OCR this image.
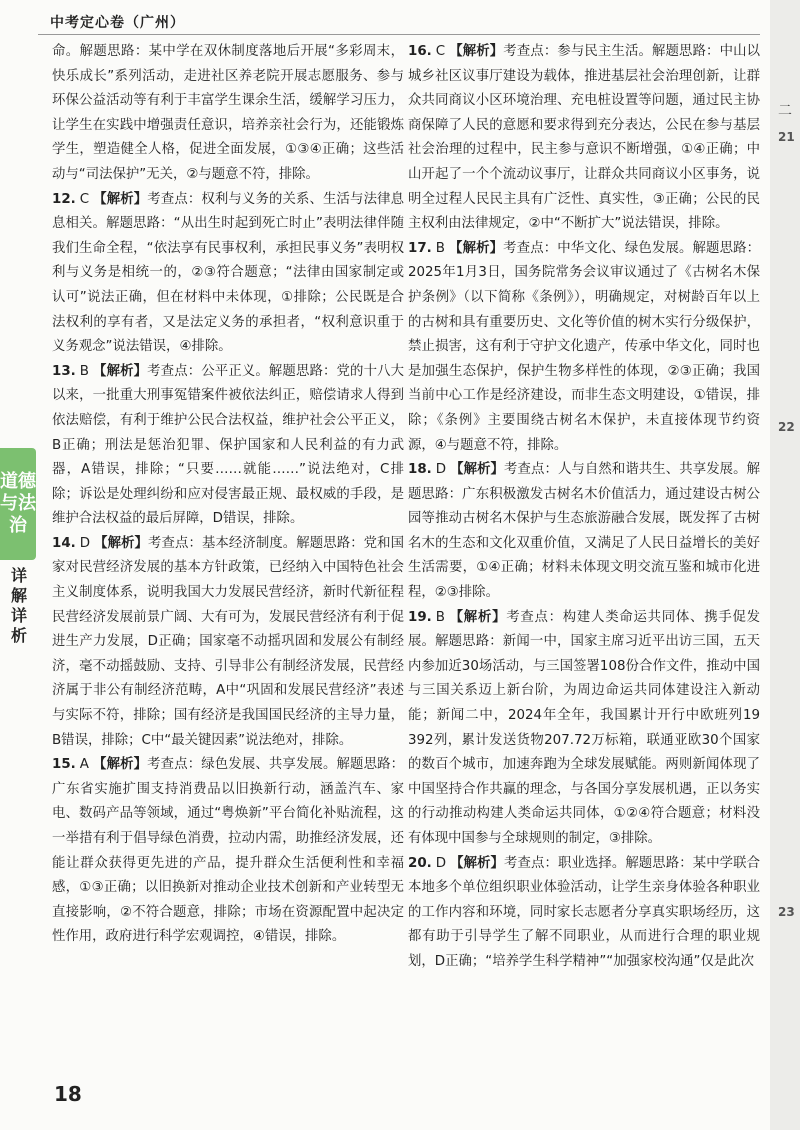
中考定心卷（广州）
道德
与法
治
详
解
详
析

命。解题思路：某中学在双休制度落地后开展“多彩周末，快乐成长”系列活动，走进社区养老院开展志愿服务、参与环保公益活动等有利于丰富学生课余生活，缓解学习压力，让学生在实践中增强责任意识，培养亲社会行为，还能锻炼学生，塑造健全人格，促进全面发展，①③④正确；这些活动与“司法保护”无关，②与题意不符，排除。

12. C 【解析】考查点：权利与义务的关系、生活与法律息息相关。解题思路：“从出生时起到死亡时止”表明法律伴随我们生命全程，“依法享有民事权利，承担民事义务”表明权利与义务是相统一的，②③符合题意；“法律由国家制定或认可”说法正确，但在材料中未体现，①排除；公民既是合法权利的享有者，又是法定义务的承担者，“权利意识重于义务观念”说法错误，④排除。
13. B 【解析】考查点：公平正义。解题思路：党的十八大以来，一批重大刑事冤错案件被依法纠正，赔偿请求人得到依法赔偿，有利于维护公民合法权益，维护社会公平正义，B正确；刑法是惩治犯罪、保护国家和人民利益的有力武器，A错误，排除；“只要……就能……”说法绝对，C排除；诉讼是处理纠纷和应对侵害最正规、最权威的手段，是维护合法权益的最后屏障，D错误，排除。
14. D 【解析】考查点：基本经济制度。解题思路：党和国家对民营经济发展的基本方针政策，已经纳入中国特色社会主义制度体系，说明我国大力发展民营经济，新时代新征程民营经济发展前景广阔、大有可为，发展民营经济有利于促进生产力发展，D正确；国家毫不动摇巩固和发展公有制经济，毫不动摇鼓励、支持、引导非公有制经济发展，民营经济属于非公有制经济范畴，A中“巩固和发展民营经济”表述与实际不符，排除；国有经济是我国国民经济的主导力量，B错误，排除；C中“最关键因素”说法绝对，排除。
15. A 【解析】考查点：绿色发展、共享发展。解题思路：广东省实施扩围支持消费品以旧换新行动，涵盖汽车、家电、数码产品等领域，通过“粤焕新”平台简化补贴流程，这一举措有利于倡导绿色消费，拉动内需，助推经济发展，还能让群众获得更先进的产品，提升群众生活便利性和幸福感，①③正确；以旧换新对推动企业技术创新和产业转型无直接影响，②不符合题意，排除；市场在资源配置中起决定性作用，政府进行科学宏观调控，④错误，排除。
16. C 【解析】考查点：参与民主生活。解题思路：中山以城乡社区议事厅建设为载体，推进基层社会治理创新，让群众共同商议小区环境治理、充电桩设置等问题，通过民主协商保障了人民的意愿和要求得到充分表达，公民在参与基层社会治理的过程中，民主参与意识不断增强，①④正确；中山开起了一个个流动议事厅，让群众共同商议小区事务，说明全过程人民民主具有广泛性、真实性，③正确；公民的民主权利由法律规定，②中“不断扩大”说法错误，排除。
17. B 【解析】考查点：中华文化、绿色发展。解题思路：2025年1月3日，国务院常务会议审议通过了《古树名木保护条例》（以下简称《条例》），明确规定，对树龄百年以上的古树和具有重要历史、文化等价值的树木实行分级保护，禁止损害，这有利于守护文化遗产，传承中华文化，同时也是加强生态保护，保护生物多样性的体现，②③正确；我国当前中心工作是经济建设，而非生态文明建设，①错误，排除；《条例》主要围绕古树名木保护，未直接体现节约资源，④与题意不符，排除。
18. D 【解析】考查点：人与自然和谐共生、共享发展。解题思路：广东积极激发古树名木价值活力，通过建设古树公园等推动古树名木保护与生态旅游融合发展，既发挥了古树名木的生态和文化双重价值，又满足了人民日益增长的美好生活需要，①④正确；材料未体现文明交流互鉴和城市化进程，②③排除。
19. B 【解析】考查点：构建人类命运共同体、携手促发展。解题思路：新闻一中，国家主席习近平出访三国，五天内参加近30场活动，与三国签署108份合作文件，推动中国与三国关系迈上新台阶，为周边命运共同体建设注入新动能；新闻二中，2024年全年，我国累计开行中欧班列19 392列，累计发送货物207.72万标箱，联通亚欧30个国家的数百个城市，加速奔跑为全球发展赋能。两则新闻体现了中国坚持合作共赢的理念，与各国分享发展机遇，正以务实的行动推动构建人类命运共同体，①②④符合题意；材料没有体现中国参与全球规则的制定，③排除。
20. D 【解析】考查点：职业选择。解题思路：某中学联合本地多个单位组织职业体验活动，让学生亲身体验各种职业的工作内容和环境，同时家长志愿者分享真实职场经历，这都有助于引导学生了解不同职业，从而进行合理的职业规划，D正确；“培养学生科学精神”“加强家校沟通”仅是此次
18
二
21
22
23
